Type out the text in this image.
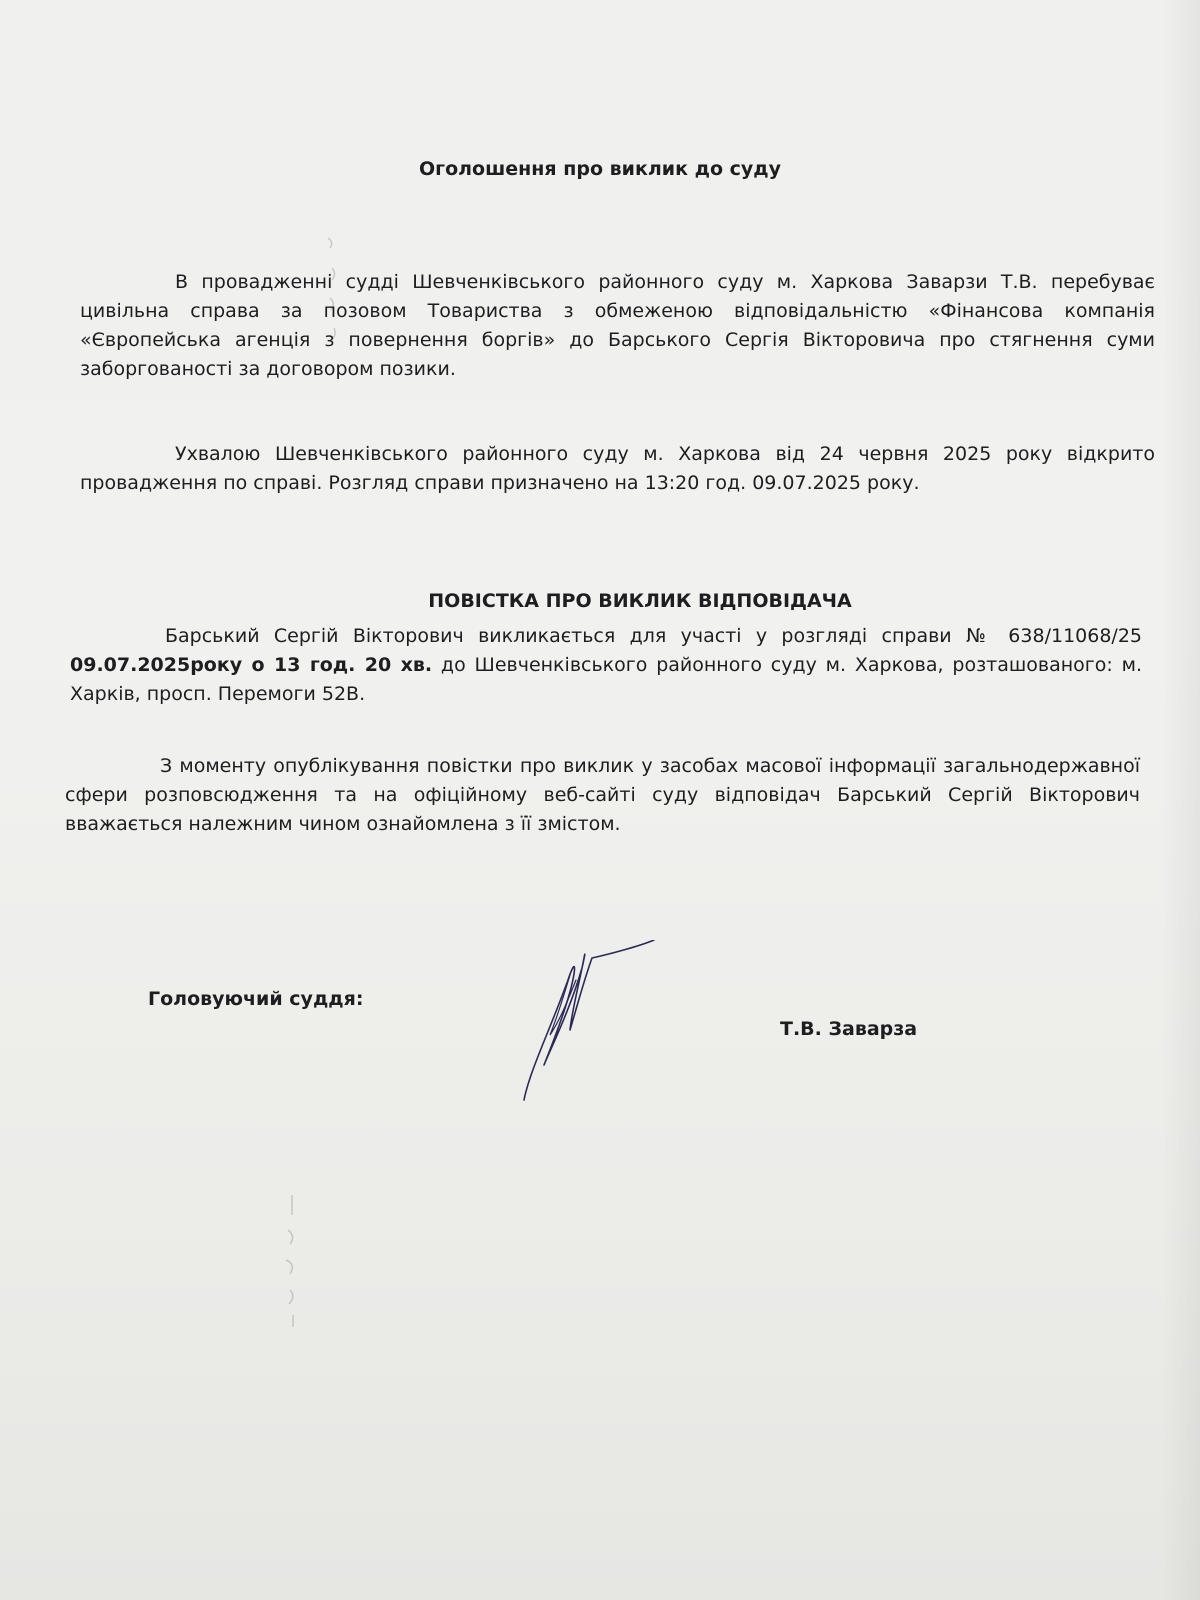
Оголошення про виклик до суду

В провадженні судді Шевченківського районного суду м. Харкова Заварзи Т.В. перебуває цивільна справа за позовом Товариства з обмеженою відповідальністю «Фінансова компанія «Європейська агенція з повернення боргів» до Барського Сергія Вікторовича про стягнення суми заборгованості за договором позики.

Ухвалою Шевченківського районного суду м. Харкова від 24 червня 2025 року відкрито провадження по справі. Розгляд справи призначено на 13:20 год. 09.07.2025 року.

ПОВІСТКА ПРО ВИКЛИК ВІДПОВІДАЧА

Барський Сергій Вікторович викликається для участі у розгляді справи № 638/11068/25 09.07.2025року о 13 год. 20 хв. до Шевченківського районного суду м. Харкова, розташованого: м. Харків, просп. Перемоги 52В.

З моменту опублікування повістки про виклик у засобах масової інформації загальнодержавної сфери розповсюдження та на офіційному веб-сайті суду відповідач Барський Сергій Вікторович вважається належним чином ознайомлена з її змістом.

Головуючий суддя:

Т.В. Заварза
